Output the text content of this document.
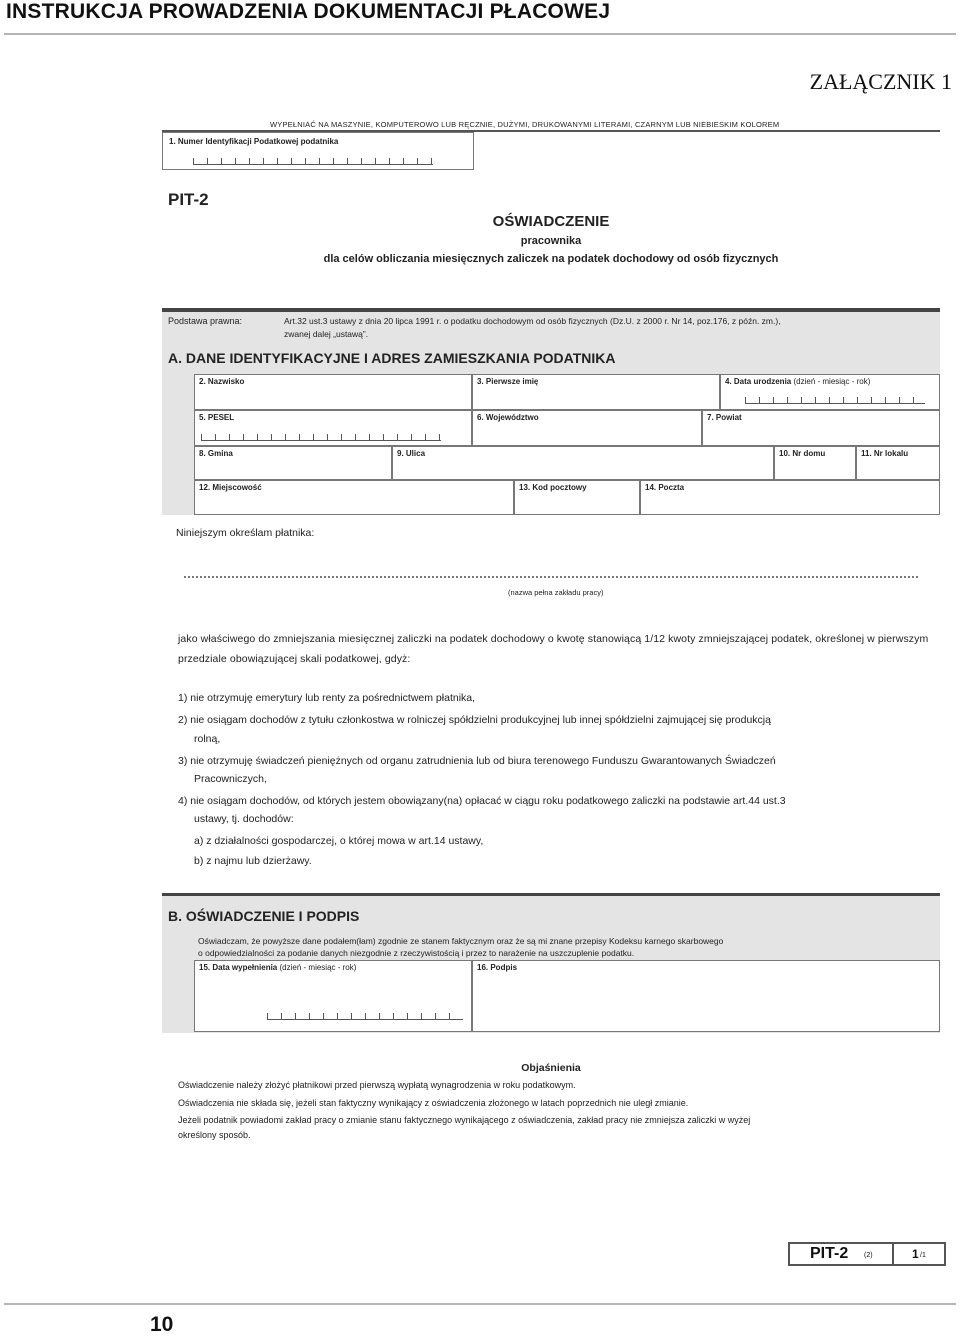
INSTRUKCJA PROWADZENIA DOKUMENTACJI PŁACOWEJ
ZAŁĄCZNIK 1
WYPEŁNIAĆ NA MASZYNIE, KOMPUTEROWO LUB RĘCZNIE, DUŻYMI, DRUKOWANYMI LITERAMI, CZARNYM LUB NIEBIESKIM KOLOREM
1. Numer Identyfikacji Podatkowej podatnika
PIT-2
OŚWIADCZENIE
pracownika
dla celów obliczania miesięcznych zaliczek na podatek dochodowy od osób fizycznych
Podstawa prawna:	Art.32 ust.3 ustawy z dnia 20 lipca 1991 r. o podatku dochodowym od osób fizycznych (Dz.U. z 2000 r. Nr 14, poz.176, z późn. zm.),
zwanej dalej „ustawą”.
A. DANE IDENTYFIKACYJNE I ADRES ZAMIESZKANIA PODATNIKA
2. Nazwisko	3. Pierwsze imię	4. Data urodzenia (dzień - miesiąc - rok)
5. PESEL	6. Województwo	7. Powiat
8. Gmina	9. Ulica	10. Nr domu	11. Nr lokalu
12. Miejscowość	13. Kod pocztowy	14. Poczta
Niniejszym określam płatnika:
(nazwa pełna zakładu pracy)
jako właściwego do zmniejszania miesięcznej zaliczki na podatek dochodowy o kwotę stanowiącą 1/12 kwoty zmniejszającej podatek, określonej w pierwszym przedziale obowiązującej skali podatkowej, gdyż:
1) nie otrzymuję emerytury lub renty za pośrednictwem płatnika,
2) nie osiągam dochodów z tytułu członkostwa w rolniczej spółdzielni produkcyjnej lub innej spółdzielni zajmującej się produkcją
rolną,
3) nie otrzymuję świadczeń pieniężnych od organu zatrudnienia lub od biura terenowego Funduszu Gwarantowanych Świadczeń
Pracowniczych,
4) nie osiągam dochodów, od których jestem obowiązany(na) opłacać w ciągu roku podatkowego zaliczki na podstawie art.44 ust.3
ustawy, tj. dochodów:
a) z działalności gospodarczej, o której mowa w art.14 ustawy,
b) z najmu lub dzierżawy.
B. OŚWIADCZENIE I PODPIS
Oświadczam, że powyższe dane podałem(łam) zgodnie ze stanem faktycznym oraz że są mi znane przepisy Kodeksu karnego skarbowego
o odpowiedzialności za podanie danych niezgodnie z rzeczywistością i przez to narażenie na uszczuplenie podatku.
15. Data wypełnienia (dzień - miesiąc - rok)	16. Podpis
Objaśnienia
Oświadczenie należy złożyć płatnikowi przed pierwszą wypłatą wynagrodzenia w roku podatkowym.
Oświadczenia nie składa się, jeżeli stan faktyczny wynikający z oświadczenia złożonego w latach poprzednich nie uległ zmianie.
Jeżeli podatnik powiadomi zakład pracy o zmianie stanu faktycznego wynikającego z oświadczenia, zakład pracy nie zmniejsza zaliczki w wyżej
określony sposób.
PIT-2 (2)	1 /1
10
